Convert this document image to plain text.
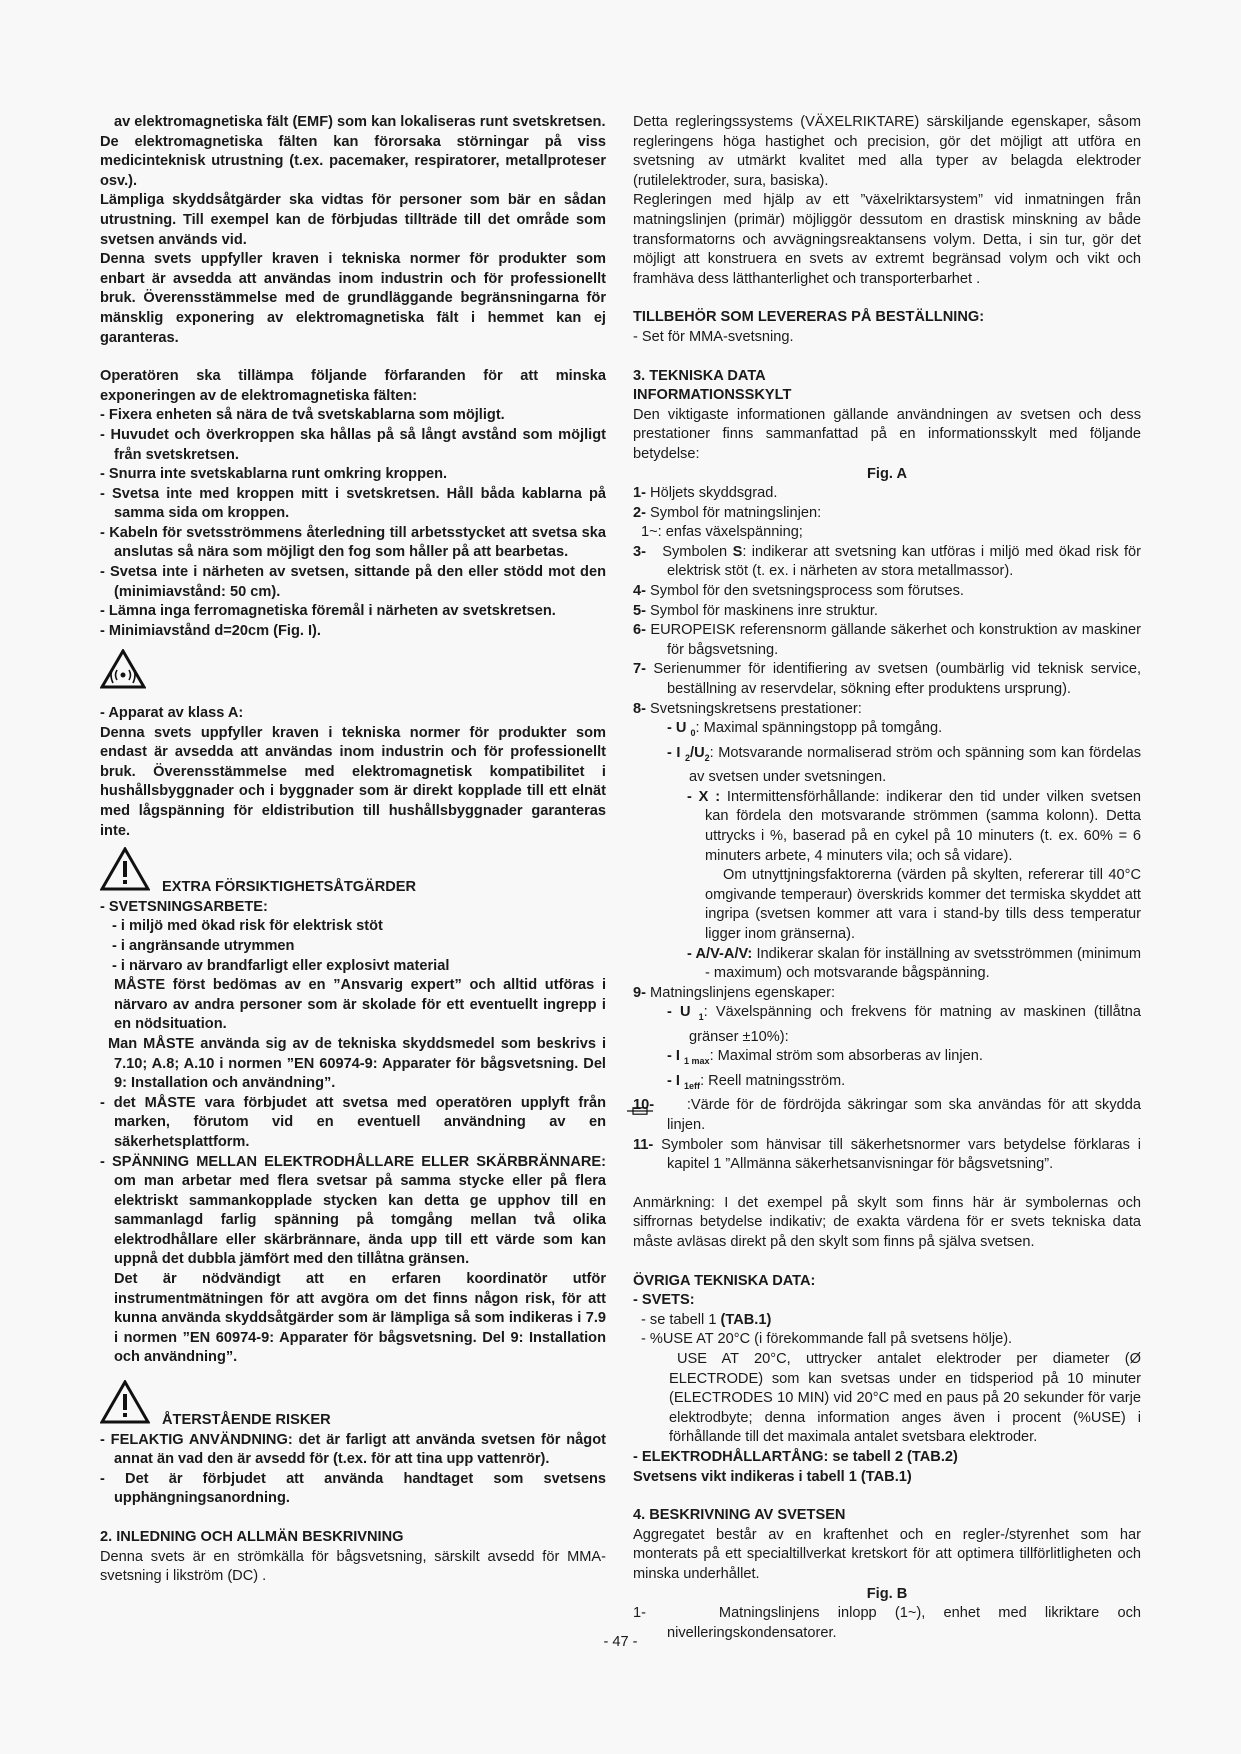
av elektromagnetiska fält (EMF) som kan lokaliseras runt svetskretsen.

De elektromagnetiska fälten kan förorsaka störningar på viss medicinteknisk utrustning (t.ex. pacemaker, respiratorer, metallproteser osv.).

Lämpliga skyddsåtgärder ska vidtas för personer som bär en sådan utrustning. Till exempel kan de förbjudas tillträde till det område som svetsen används vid.

Denna svets uppfyller kraven i tekniska normer för produkter som enbart är avsedda att användas inom industrin och för professionellt bruk. Överensstämmelse med de grundläggande begränsningarna för mänsklig exponering av elektromagnetiska fält i hemmet kan ej garanteras.

Operatören ska tillämpa följande förfaranden för att minska exponeringen av de elektromagnetiska fälten:

- Fixera enheten så nära de två svetskablarna som möjligt.

- Huvudet och överkroppen ska hållas på så långt avstånd som möjligt från svetskretsen.

- Snurra inte svetskablarna runt omkring kroppen.

- Svetsa inte med kroppen mitt i svetskretsen. Håll båda kablarna på samma sida om kroppen.

- Kabeln för svetsströmmens återledning till arbetsstycket att svetsa ska anslutas så nära som möjligt den fog som håller på att bearbetas.

- Svetsa inte i närheten av svetsen, sittande på den eller stödd mot den (minimiavstånd: 50 cm).

- Lämna inga ferromagnetiska föremål i närheten av svetskretsen.

- Minimiavstånd d=20cm (Fig. I).

- Apparat av klass A:

Denna svets uppfyller kraven i tekniska normer för produkter som endast är avsedda att användas inom industrin och för professionellt bruk. Överensstämmelse med elektromagnetisk kompatibilitet i hushållsbyggnader och i byggnader som är direkt kopplade till ett elnät med lågspänning för eldistribution till hushållsbyggnader garanteras inte.

EXTRA FÖRSIKTIGHETSÅTGÄRDER

- SVETSNINGSARBETE:

- i miljö med ökad risk för elektrisk stöt

- i angränsande utrymmen

- i närvaro av brandfarligt eller explosivt material

MÅSTE först bedömas av en ”Ansvarig expert” och alltid utföras i närvaro av andra personer som är skolade för ett eventuellt ingrepp i en nödsituation.

Man MÅSTE använda sig av de tekniska skyddsmedel som beskrivs i 7.10; A.8; A.10 i normen ”EN 60974-9: Apparater för bågsvetsning. Del 9: Installation och användning”.

- det MÅSTE vara förbjudet att svetsa med operatören upplyft från marken, förutom vid en eventuell användning av en säkerhetsplattform.

- SPÄNNING MELLAN ELEKTRODHÅLLARE ELLER SKÄRBRÄNNARE: om man arbetar med flera svetsar på samma stycke eller på flera elektriskt sammankopplade stycken kan detta ge upphov till en sammanlagd farlig spänning på tomgång mellan två olika elektrodhållare eller skärbrännare, ända upp till ett värde som kan uppnå det dubbla jämfört med den tillåtna gränsen.

Det är nödvändigt att en erfaren koordinatör utför instrumentmätningen för att avgöra om det finns någon risk, för att kunna använda skyddsåtgärder som är lämpliga så som indikeras i 7.9 i normen ”EN 60974-9: Apparater för bågsvetsning. Del 9: Installation och användning”.

ÅTERSTÅENDE RISKER

- FELAKTIG ANVÄNDNING: det är farligt att använda svetsen för något annat än vad den är avsedd för (t.ex. för att tina upp vattenrör).

- Det är förbjudet att använda handtaget som svetsens upphängningsanordning.

2. INLEDNING OCH ALLMÄN BESKRIVNING

Denna svets är en strömkälla för bågsvetsning, särskilt avsedd för MMA-svetsning i likström (DC) .

Detta regleringssystems (VÄXELRIKTARE) särskiljande egenskaper, såsom regleringens höga hastighet och precision, gör det möjligt att utföra en svetsning av utmärkt kvalitet med alla typer av belagda elektroder (rutilelektroder, sura, basiska).

Regleringen med hjälp av ett ”växelriktarsystem” vid inmatningen från matningslinjen (primär) möjliggör dessutom en drastisk minskning av både transformatorns och avvägningsreaktansens volym. Detta, i sin tur, gör det möjligt att konstruera en svets av extremt begränsad volym och vikt och framhäva dess lätthanterlighet och transporterbarhet .

TILLBEHÖR SOM LEVERERAS PÅ BESTÄLLNING:

- Set för MMA-svetsning.

3. TEKNISKA DATA

INFORMATIONSSKYLT

Den viktigaste informationen gällande användningen av svetsen och dess prestationer finns sammanfattad på en informationsskylt med följande betydelse:

Fig. A

1- Höljets skyddsgrad.

2- Symbol för matningslinjen:

1~: enfas växelspänning;

3- Symbolen S: indikerar att svetsning kan utföras i miljö med ökad risk för elektrisk stöt (t. ex. i närheten av stora metallmassor).

4- Symbol för den svetsningsprocess som förutses.

5- Symbol för maskinens inre struktur.

6- EUROPEISK referensnorm gällande säkerhet och konstruktion av maskiner för bågsvetsning.

7- Serienummer för identifiering av svetsen (oumbärlig vid teknisk service, beställning av reservdelar, sökning efter produktens ursprung).

8- Svetsningskretsens prestationer:

- U $_0$: Maximal spänningstopp på tomgång.

- I $_2/U_2$: Motsvarande normaliserad ström och spänning som kan fördelas av svetsen under svetsningen.

- X : Intermittensförhållande: indikerar den tid under vilken svetsen kan fördela den motsvarande strömmen (samma kolonn). Detta uttrycks i %, baserad på en cykel på 10 minuters (t. ex. 60% = 6 minuters arbete, 4 minuters vila; och så vidare).

Om utnyttjningsfaktorerna (värden på skylten, refererar till 40°C omgivande temperaur) överskrids kommer det termiska skyddet att ingripa (svetsen kommer att vara i stand-by tills dess temperatur ligger inom gränserna).

- A/V-A/V: Indikerar skalan för inställning av svetsströmmen (minimum - maximum) och motsvarande bågspänning.

9- Matningslinjens egenskaper:

- U $_1$: Växelspänning och frekvens för matning av maskinen (tillåtna gränser ±10%):

- I $_{1 max}$: Maximal ström som absorberas av linjen.

- I $_{1eff}$: Reell matningsström.

10- :Värde för de fördröjda säkringar som ska användas för att skydda linjen.

11- Symboler som hänvisar till säkerhetsnormer vars betydelse förklaras i kapitel 1 ”Allmänna säkerhetsanvisningar för bågsvetsning”.

Anmärkning: I det exempel på skylt som finns här är symbolernas och siffrornas betydelse indikativ; de exakta värdena för er svets tekniska data måste avläsas direkt på den skylt som finns på själva svetsen.

ÖVRIGA TEKNISKA DATA:

- SVETS:

- se tabell 1 (TAB.1)

- %USE AT 20°C (i förekommande fall på svetsens hölje).

USE AT 20°C, uttrycker antalet elektroder per diameter (Ø ELECTRODE) som kan svetsas under en tidsperiod på 10 minuter (ELECTRODES 10 MIN) vid 20°C med en paus på 20 sekunder för varje elektrodbyte; denna information anges även i procent (%USE) i förhållande till det maximala antalet svetsbara elektroder.

- ELEKTRODHÅLLARTÅNG: se tabell 2 (TAB.2)

Svetsens vikt indikeras i tabell 1 (TAB.1)

4. BESKRIVNING AV SVETSEN

Aggregatet består av en kraftenhet och en regler-/styrenhet som har monterats på ett specialtillverkat kretskort för att optimera tillförlitligheten och minska underhållet.

Fig. B

1-	Matningslinjens inlopp (1~), enhet med likriktare och nivelleringskondensatorer.

- 47 -
